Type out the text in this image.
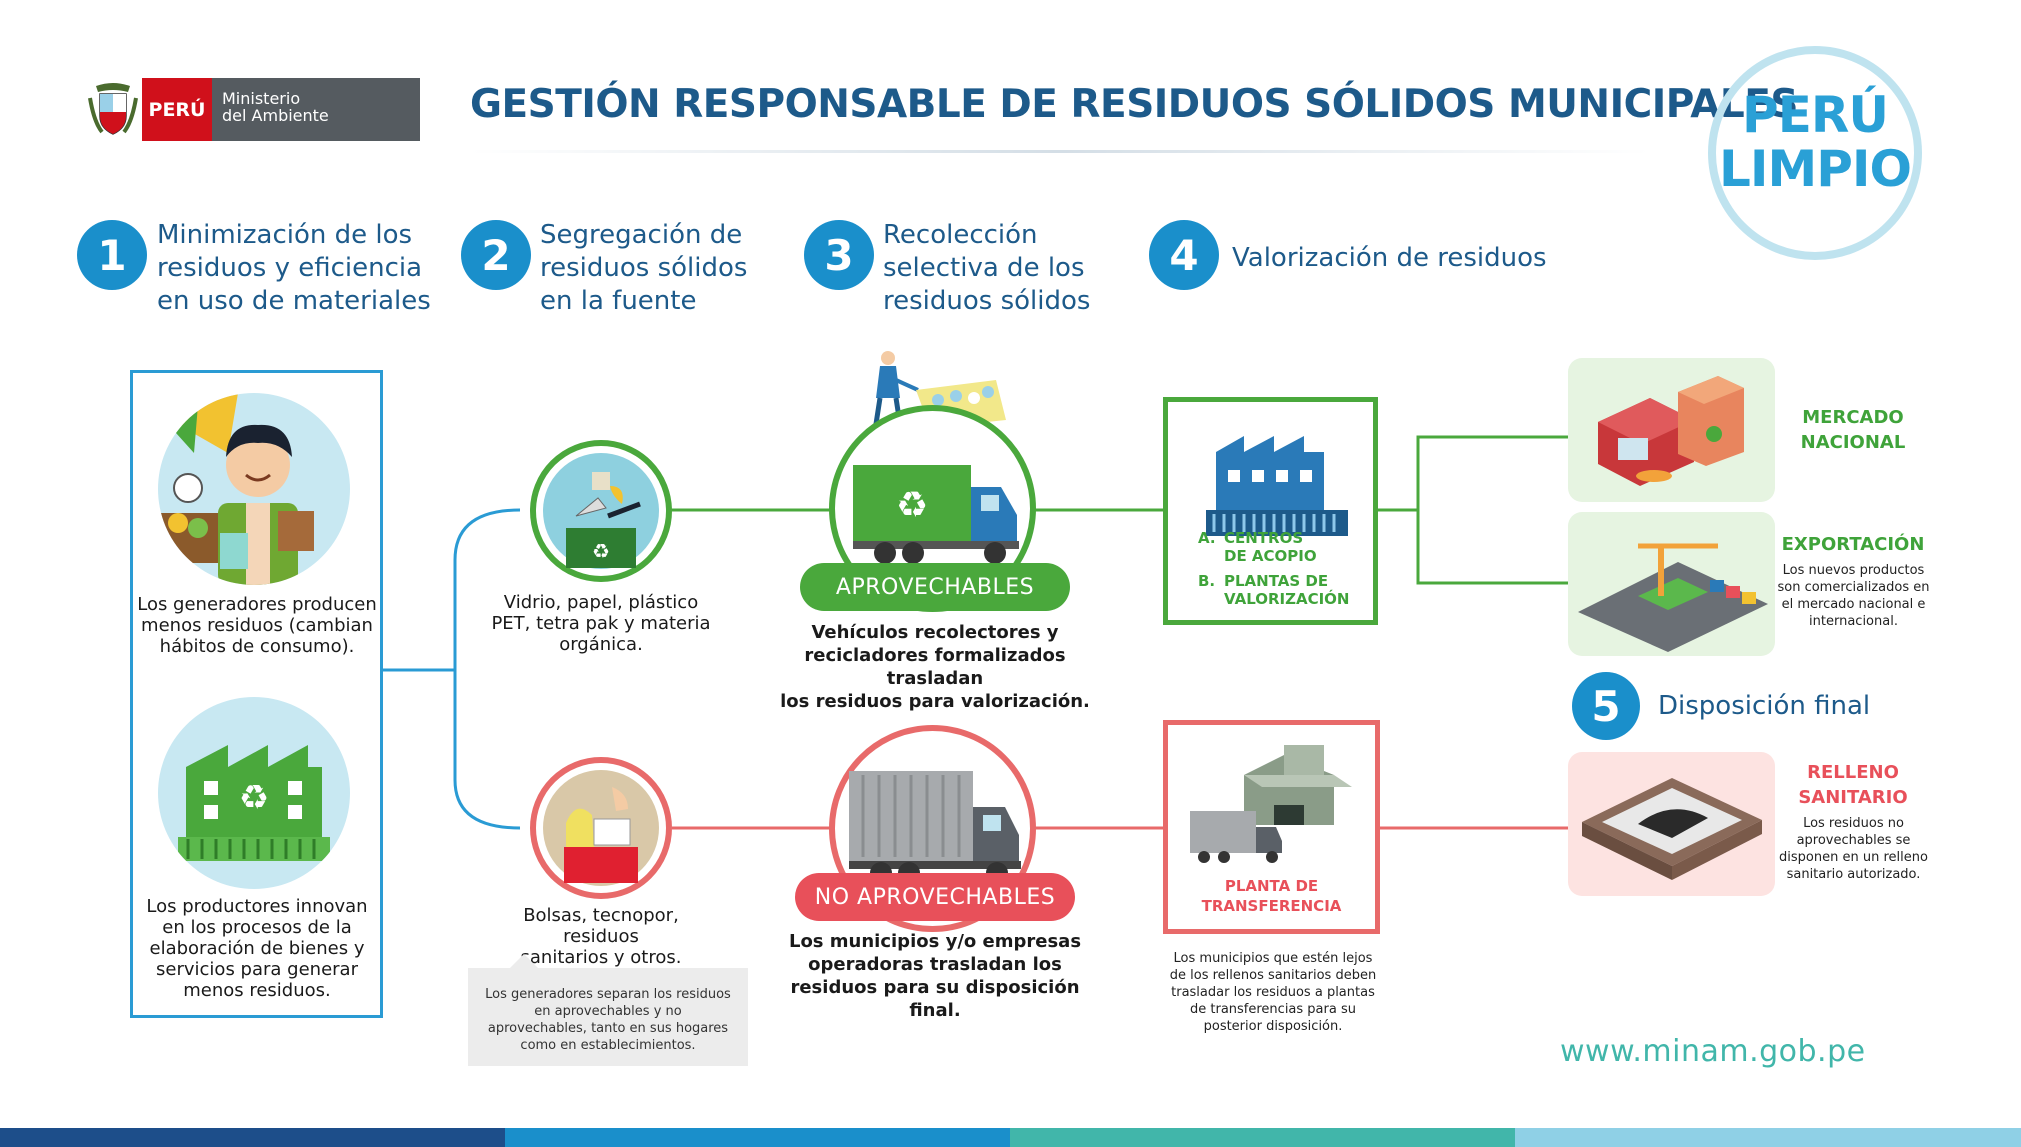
PERÚ	Ministerio
del Ambiente	GESTIÓN RESPONSABLE DE RESIDUOS SÓLIDOS MUNICIPALES
PERÚ
LIMPIO
1	Minimización de los
residuos y eficiencia
en uso de materiales
2	Segregación de
residuos sólidos
en la fuente
3	Recolección
selectiva de los
residuos sólidos
4	Valorización de residuos
5	Disposición final
Los generadores producen
menos residuos (cambian
hábitos de consumo).
♻
Los productores innovan
en los procesos de la
elaboración de bienes y
servicios para generar
menos residuos.
♻
Vidrio, papel, plástico
PET, tetra pak y materia
orgánica.
Bolsas, tecnopor, residuos
sanitarios y otros.
Los generadores separan los residuos
en aprovechables y no
aprovechables, tanto en sus hogares
como en establecimientos.
♻
APROVECHABLES
Vehículos recolectores y
recicladores formalizados trasladan
los residuos para valorización.
NO APROVECHABLES
Los municipios y/o empresas
operadoras trasladan los
residuos para su disposición final.
A. CENTROS
DE ACOPIO
B. PLANTAS DE
VALORIZACIÓN
PLANTA DE
TRANSFERENCIA
Los municipios que estén lejos
de los rellenos sanitarios deben
trasladar los residuos a plantas
de transferencias para su
posterior disposición.
MERCADO
NACIONAL
EXPORTACIÓN
Los nuevos productos
son comercializados en
el mercado nacional e
internacional.
RELLENO
SANITARIO
Los residuos no
aprovechables se
disponen en un relleno
sanitario autorizado.
www.minam.gob.pe
